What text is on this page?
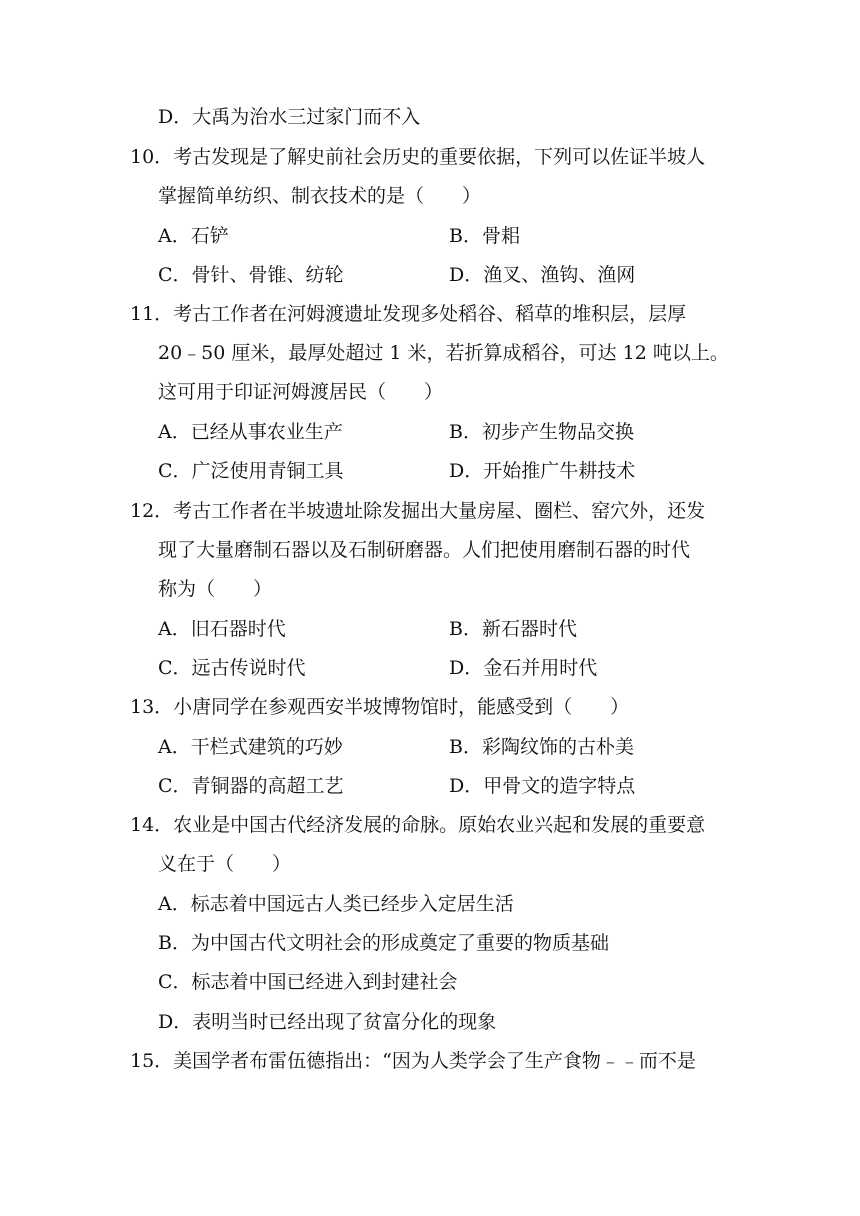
D．大禹为治水三过家门而不入
10．考古发现是了解史前社会历史的重要依据，下列可以佐证半坡人
掌握简单纺织、制衣技术的是（　　）
A．石铲	B．骨耜
C．骨针、骨锥、纺轮	D．渔叉、渔钩、渔网
11．考古工作者在河姆渡遗址发现多处稻谷、稻草的堆积层，层厚
20﹣50 厘米，最厚处超过 1 米，若折算成稻谷，可达 12 吨以上。
这可用于印证河姆渡居民（　　）
A．已经从事农业生产	B．初步产生物品交换
C．广泛使用青铜工具	D．开始推广牛耕技术
12．考古工作者在半坡遗址除发掘出大量房屋、圈栏、窑穴外，还发
现了大量磨制石器以及石制研磨器。人们把使用磨制石器的时代
称为（　　）
A．旧石器时代	B．新石器时代
C．远古传说时代	D．金石并用时代
13．小唐同学在参观西安半坡博物馆时，能感受到（　　）
A．干栏式建筑的巧妙	B．彩陶纹饰的古朴美
C．青铜器的高超工艺	D．甲骨文的造字特点
14．农业是中国古代经济发展的命脉。原始农业兴起和发展的重要意
义在于（　　）
A．标志着中国远古人类已经步入定居生活
B．为中国古代文明社会的形成奠定了重要的物质基础
C．标志着中国已经进入到封建社会
D．表明当时已经出现了贫富分化的现象
15．美国学者布雷伍德指出：“因为人类学会了生产食物﹣﹣而不是
